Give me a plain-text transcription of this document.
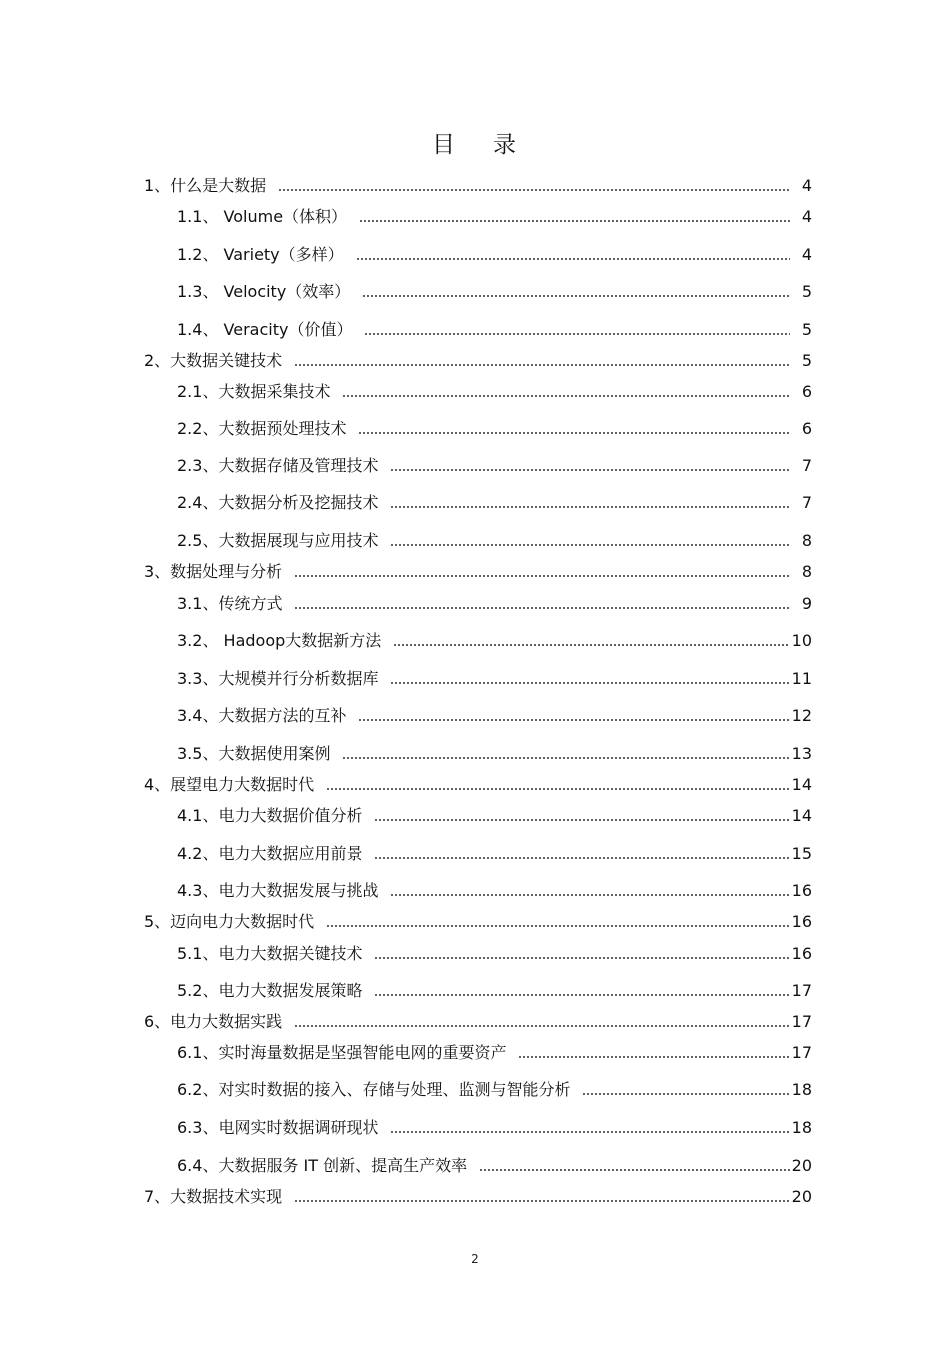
目录
1、什么是大数据	4
1.1、 Volume（体积）	4
1.2、 Variety（多样）	4
1.3、 Velocity（效率）	5
1.4、 Veracity（价值）	5
2、大数据关键技术	5
2.1、大数据采集技术	6
2.2、大数据预处理技术	6
2.3、大数据存储及管理技术	7
2.4、大数据分析及挖掘技术	7
2.5、大数据展现与应用技术	8
3、数据处理与分析	8
3.1、传统方式	9
3.2、 Hadoop大数据新方法	10
3.3、大规模并行分析数据库	11
3.4、大数据方法的互补	12
3.5、大数据使用案例	13
4、展望电力大数据时代	14
4.1、电力大数据价值分析	14
4.2、电力大数据应用前景	15
4.3、电力大数据发展与挑战	16
5、迈向电力大数据时代	16
5.1、电力大数据关键技术	16
5.2、电力大数据发展策略	17
6、电力大数据实践	17
6.1、实时海量数据是坚强智能电网的重要资产	17
6.2、对实时数据的接入、存储与处理、监测与智能分析	18
6.3、电网实时数据调研现状	18
6.4、大数据服务 IT 创新、提高生产效率	20
7、大数据技术实现	20
2
